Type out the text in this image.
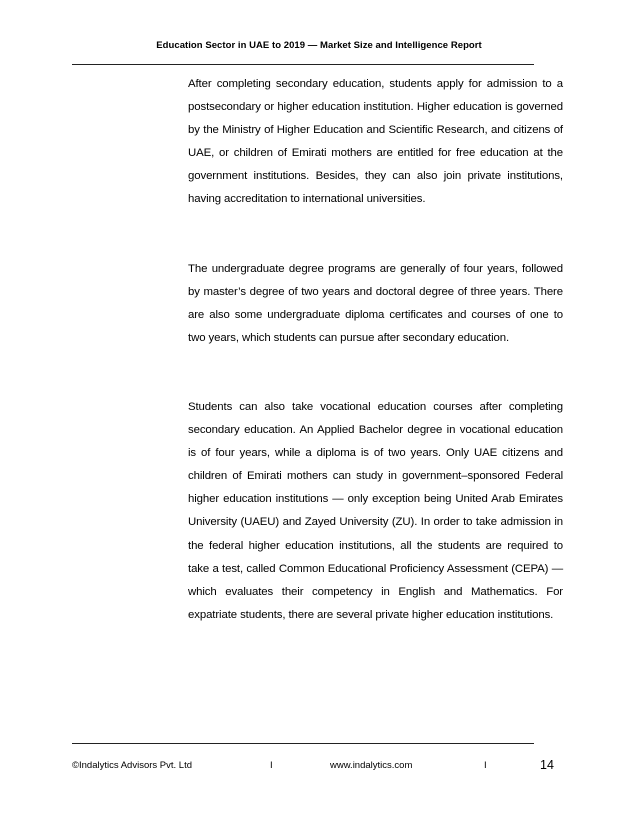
Education Sector in UAE to 2019 — Market Size and Intelligence Report

After completing secondary education, students apply for admission to a postsecondary or higher education institution. Higher education is governed by the Ministry of Higher Education and Scientific Research, and citizens of UAE, or children of Emirati mothers are entitled for free education at the government institutions. Besides, they can also join private institutions, having accreditation to international universities.

The undergraduate degree programs are generally of four years, followed by master’s degree of two years and doctoral degree of three years. There are also some undergraduate diploma certificates and courses of one to two years, which students can pursue after secondary education.

Students can also take vocational education courses after completing secondary education. An Applied Bachelor degree in vocational education is of four years, while a diploma is of two years. Only UAE citizens and children of Emirati mothers can study in government–sponsored Federal higher education institutions — only exception being United Arab Emirates University (UAEU) and Zayed University (ZU). In order to take admission in the federal higher education institutions, all the students are required to take a test, called Common Educational Proficiency Assessment (CEPA) — which evaluates their competency in English and Mathematics. For expatriate students, there are several private higher education institutions.

©Indalytics Advisors Pvt. Ltd	I	www.indalytics.com	I	14
